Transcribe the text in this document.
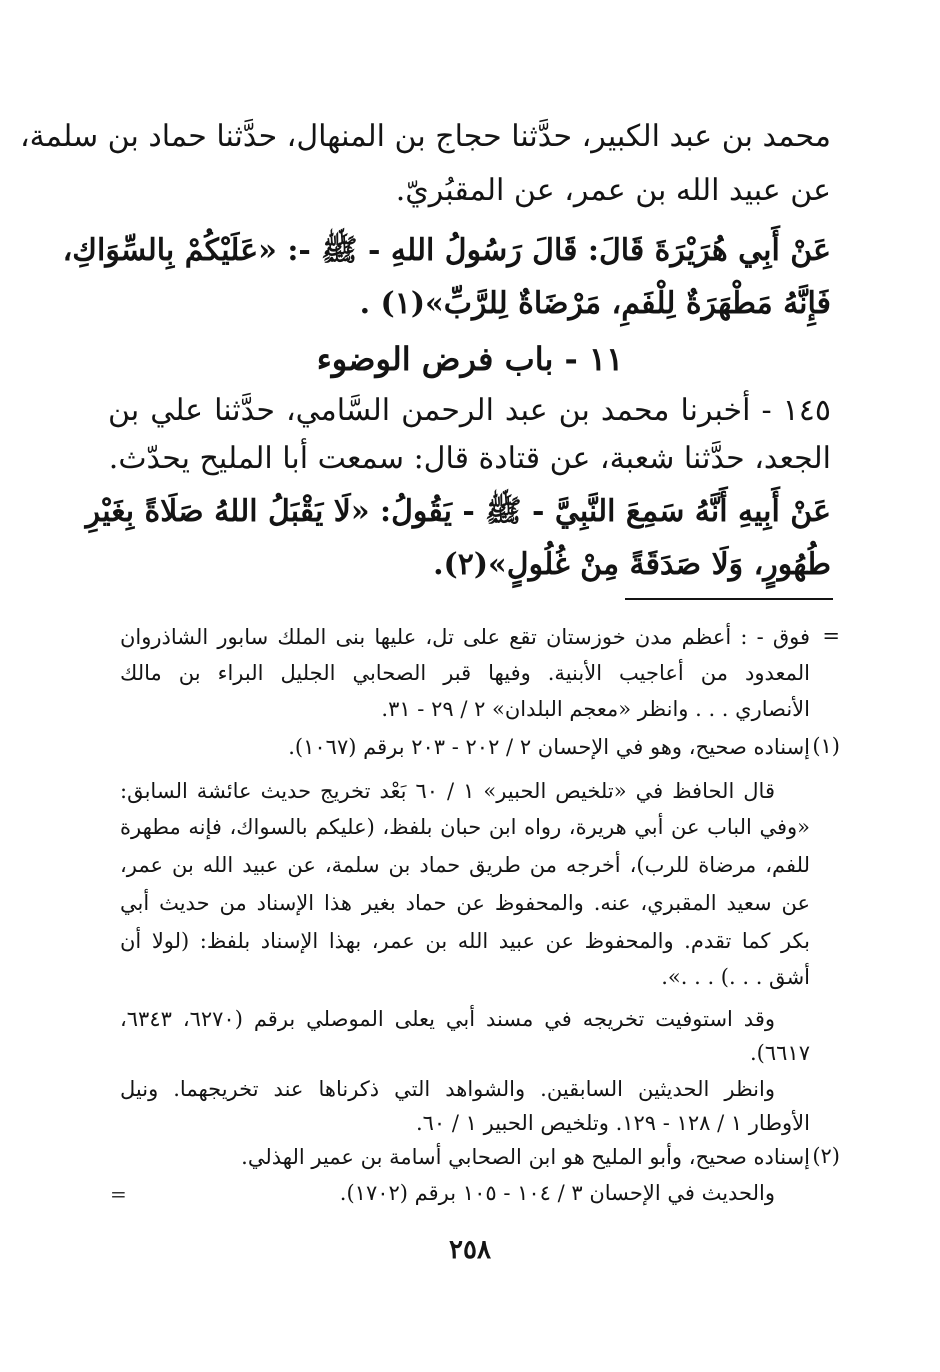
محمد بن عبد الكبير، حدَّثنا حجاج بن المنهال، حدَّثنا حماد بن سلمة،
عن عبيد الله بن عمر، عن المقبُريّ.
عَنْ أَبِي هُرَيْرَةَ قَالَ: قَالَ رَسُولُ اللهِ - ﷺ -: «عَلَيْكُمْ بِالسِّوَاكِ،
فَإِنَّهُ مَطْهَرَةٌ لِلْفَمِ، مَرْضَاةٌ لِلرَّبِّ»(١) .
١١ - باب فرض الوضوء
١٤٥ - أخبرنا محمد بن عبد الرحمن السَّامي، حدَّثنا علي بن
الجعد، حدَّثنا شعبة، عن قتادة قال: سمعت أبا المليح يحدّث.
عَنْ أَبِيهِ أَنَّهُ سَمِعَ النَّبِيَّ - ﷺ - يَقُولُ: «لَا يَقْبَلُ اللهُ صَلَاةً بِغَيْرِ
طُهُورٍ، وَلَا صَدَقَةً مِنْ غُلُولٍ»(٢).
=
فوق - : أعظم مدن خوزستان تقع على تل، عليها بنى الملك سابور الشاذروان
المعدود من أعاجيب الأبنية. وفيها قبر الصحابي الجليل البراء بن مالك
الأنصاري . . . وانظر «معجم البلدان» ٢ / ٢٩ - ٣١.
(١)
إسناده صحيح، وهو في الإحسان ٢ / ٢٠٢ - ٢٠٣ برقم (١٠٦٧).
قال الحافظ في «تلخيص الحبير» ١ / ٦٠ بَعْد تخريج حديث عائشة السابق:
«وفي الباب عن أبي هريرة، رواه ابن حبان بلفظ، (عليكم بالسواك، فإنه مطهرة
للفم، مرضاة للرب)، أخرجه من طريق حماد بن سلمة، عن عبيد الله بن عمر،
عن سعيد المقبري، عنه. والمحفوظ عن حماد بغير هذا الإسناد من حديث أبي
بكر كما تقدم. والمحفوظ عن عبيد الله بن عمر، بهذا الإسناد بلفظ: (لولا أن
أشق . . .) . . .».
وقد استوفيت تخريجه في مسند أبي يعلى الموصلي برقم (٦٢٧٠، ٦٣٤٣،
٦٦١٧).
وانظر الحديثين السابقين. والشواهد التي ذكرناها عند تخريجهما. ونيل
الأوطار ١ / ١٢٨ - ١٢٩. وتلخيص الحبير ١ / ٦٠.
(٢)
إسناده صحيح، وأبو المليح هو ابن الصحابي أسامة بن عمير الهذلي.
والحديث في الإحسان ٣ / ١٠٤ - ١٠٥ برقم (١٧٠٢).
=
٢٥٨
